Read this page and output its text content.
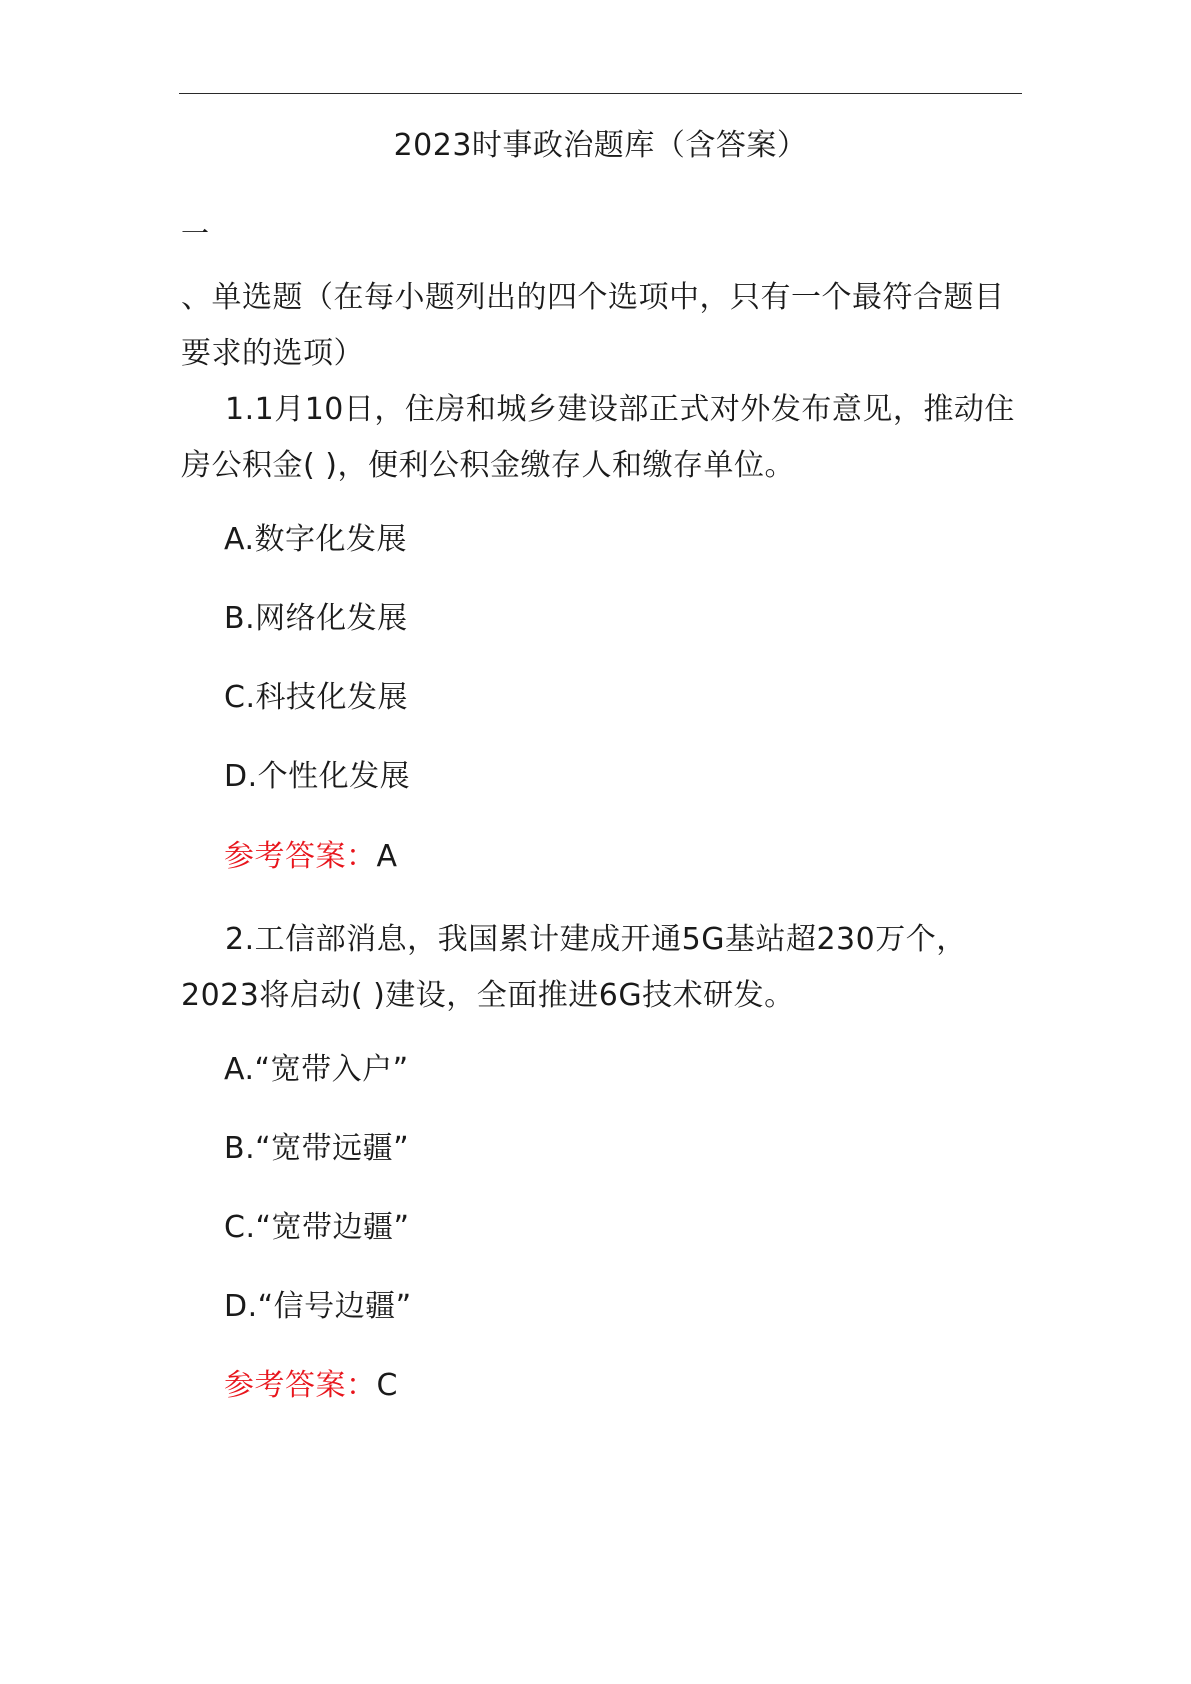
2023时事政治题库（含答案）
一
、单选题（在每小题列出的四个选项中，只有一个最符合题目要求的选项）
1.1月10日，住房和城乡建设部正式对外发布意见，推动住房公积金( )，便利公积金缴存人和缴存单位。
A.数字化发展
B.网络化发展
C.科技化发展
D.个性化发展
参考答案：A
2.工信部消息，我国累计建成开通5G基站超230万个，2023将启动( )建设，全面推进6G技术研发。
A.“宽带入户”
B.“宽带远疆”
C.“宽带边疆”
D.“信号边疆”
参考答案：C
